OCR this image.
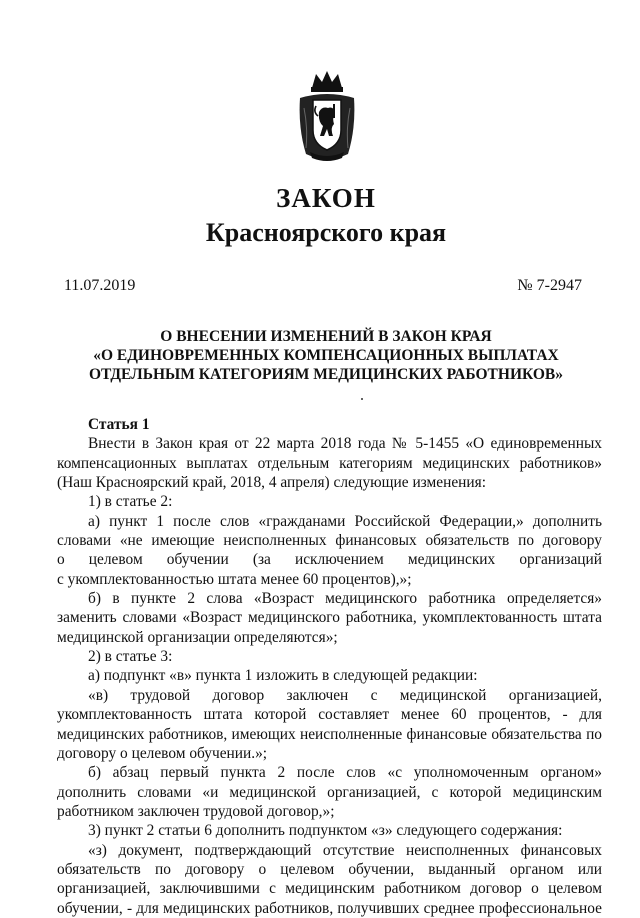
ЗАКОН
Красноярского края
11.07.2019	№ 7-2947
О ВНЕСЕНИИ ИЗМЕНЕНИЙ В ЗАКОН КРАЯ
«О ЕДИНОВРЕМЕННЫХ КОМПЕНСАЦИОННЫХ ВЫПЛАТАХ
ОТДЕЛЬНЫМ КАТЕГОРИЯМ МЕДИЦИНСКИХ РАБОТНИКОВ»
Статья 1
Внести в Закон края от 22 марта 2018 года № 5-1455 «О единовременных
компенсационных выплатах отдельным категориям медицинских работников»
(Наш Красноярский край, 2018, 4 апреля) следующие изменения:
1) в статье 2:
а) пункт 1 после слов «гражданами Российской Федерации,» дополнить
словами «не имеющие неисполненных финансовых обязательств по договору
о целевом обучении (за исключением медицинских организаций
с укомплектованностью штата менее 60 процентов),»;
б) в пункте 2 слова «Возраст медицинского работника определяется»
заменить словами «Возраст медицинского работника, укомплектованность штата
медицинской организации определяются»;
2) в статье 3:
а) подпункт «в» пункта 1 изложить в следующей редакции:
«в) трудовой договор заключен с медицинской организацией,
укомплектованность штата которой составляет менее 60 процентов, - для
медицинских работников, имеющих неисполненные финансовые обязательства по
договору о целевом обучении.»;
б) абзац первый пункта 2 после слов «с уполномоченным органом»
дополнить словами «и медицинской организацией, с которой медицинским
работником заключен трудовой договор,»;
3) пункт 2 статьи 6 дополнить подпунктом «з» следующего содержания:
«з) документ, подтверждающий отсутствие неисполненных финансовых
обязательств по договору о целевом обучении, выданный органом или
организацией, заключившими с медицинским работником договор о целевом
обучении, - для медицинских работников, получивших среднее профессиональное
